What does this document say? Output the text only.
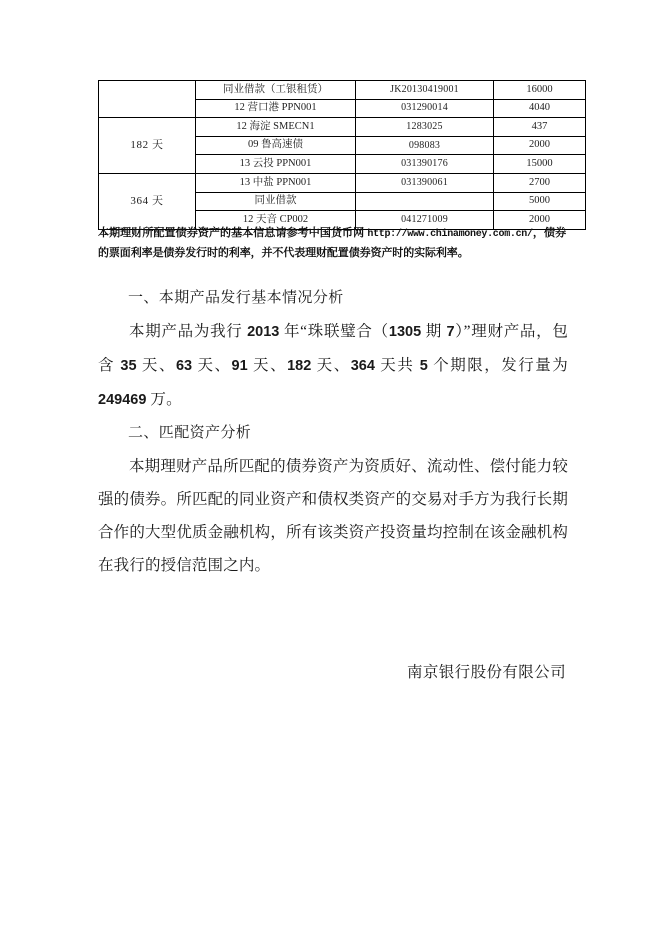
	同业借款（工银租赁）	JK20130419001	16000
	12 营口港 PPN001	031290014	4040
182 天	12 海淀 SMECN1	1283025	437
	09 鲁高速债	098083	2000
	13 云投 PPN001	031390176	15000
364 天	13 中盐 PPN001	031390061	2700
	同业借款		5000
	12 天音 CP002	041271009	2000
本期理财所配置债券资产的基本信息请参考中国货币网 http://www.chinamoney.com.cn/，债券的票面利率是债券发行时的利率，并不代表理财配置债券资产时的实际利率。

一、本期产品发行基本情况分析

本期产品为我行 2013 年“珠联璧合（1305 期 7）”理财产品，包含 35 天、63 天、91 天、182 天、364 天共 5 个期限，发行量为 249469 万。

二、匹配资产分析

本期理财产品所匹配的债券资产为资质好、流动性、偿付能力较强的债券。所匹配的同业资产和债权类资产的交易对手方为我行长期合作的大型优质金融机构，所有该类资产投资量均控制在该金融机构在我行的授信范围之内。

南京银行股份有限公司
